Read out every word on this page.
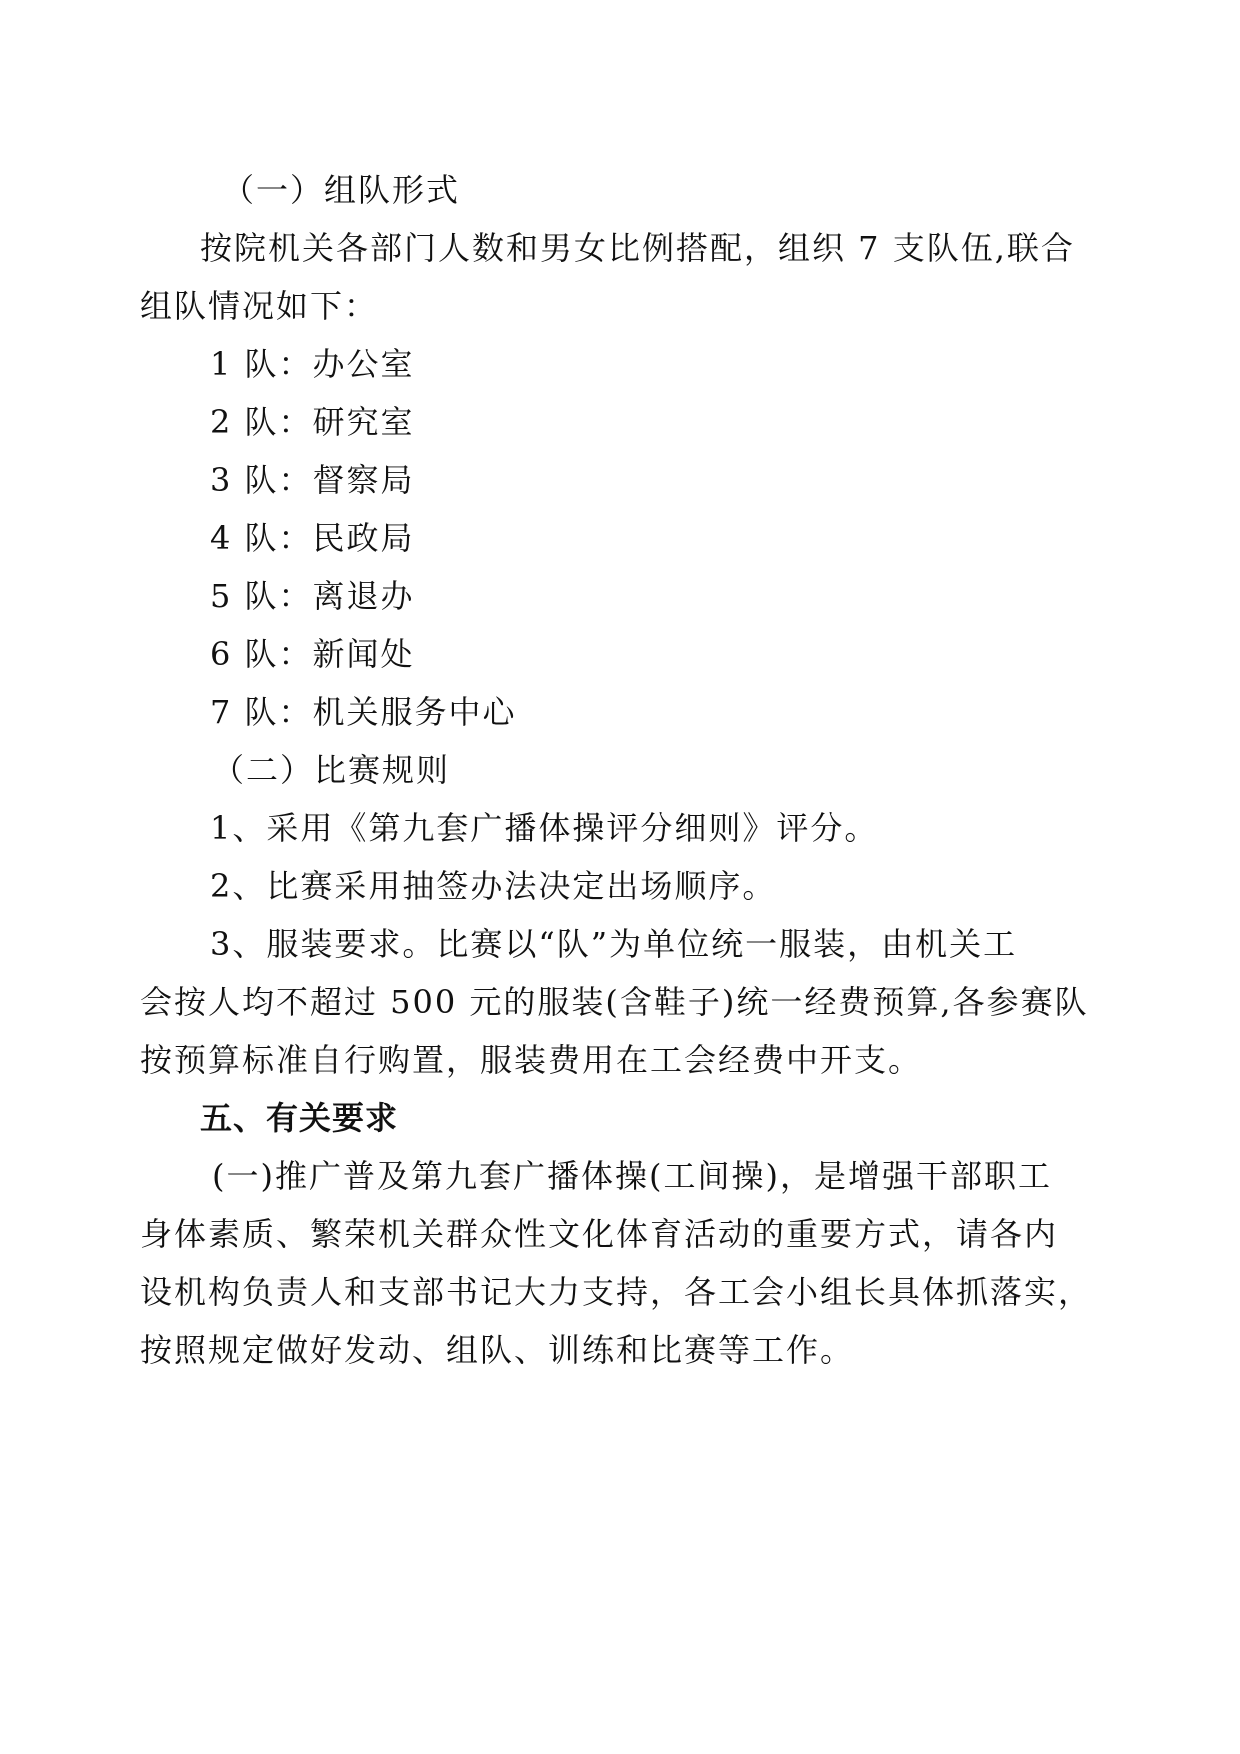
（一）组队形式
按院机关各部门人数和男女比例搭配，组织 7 支队伍,联合
组队情况如下：
1 队：办公室
2 队：研究室
3 队：督察局
4 队：民政局
5 队：离退办
6 队：新闻处
7 队：机关服务中心
（二）比赛规则
1、采用《第九套广播体操评分细则》评分。
2、比赛采用抽签办法决定出场顺序。
3、服装要求。比赛以“队”为单位统一服装，由机关工
会按人均不超过 500 元的服装(含鞋子)统一经费预算,各参赛队
按预算标准自行购置，服装费用在工会经费中开支。
五、有关要求
(一)推广普及第九套广播体操(工间操)，是增强干部职工
身体素质、繁荣机关群众性文化体育活动的重要方式，请各内
设机构负责人和支部书记大力支持，各工会小组长具体抓落实，
按照规定做好发动、组队、训练和比赛等工作。
